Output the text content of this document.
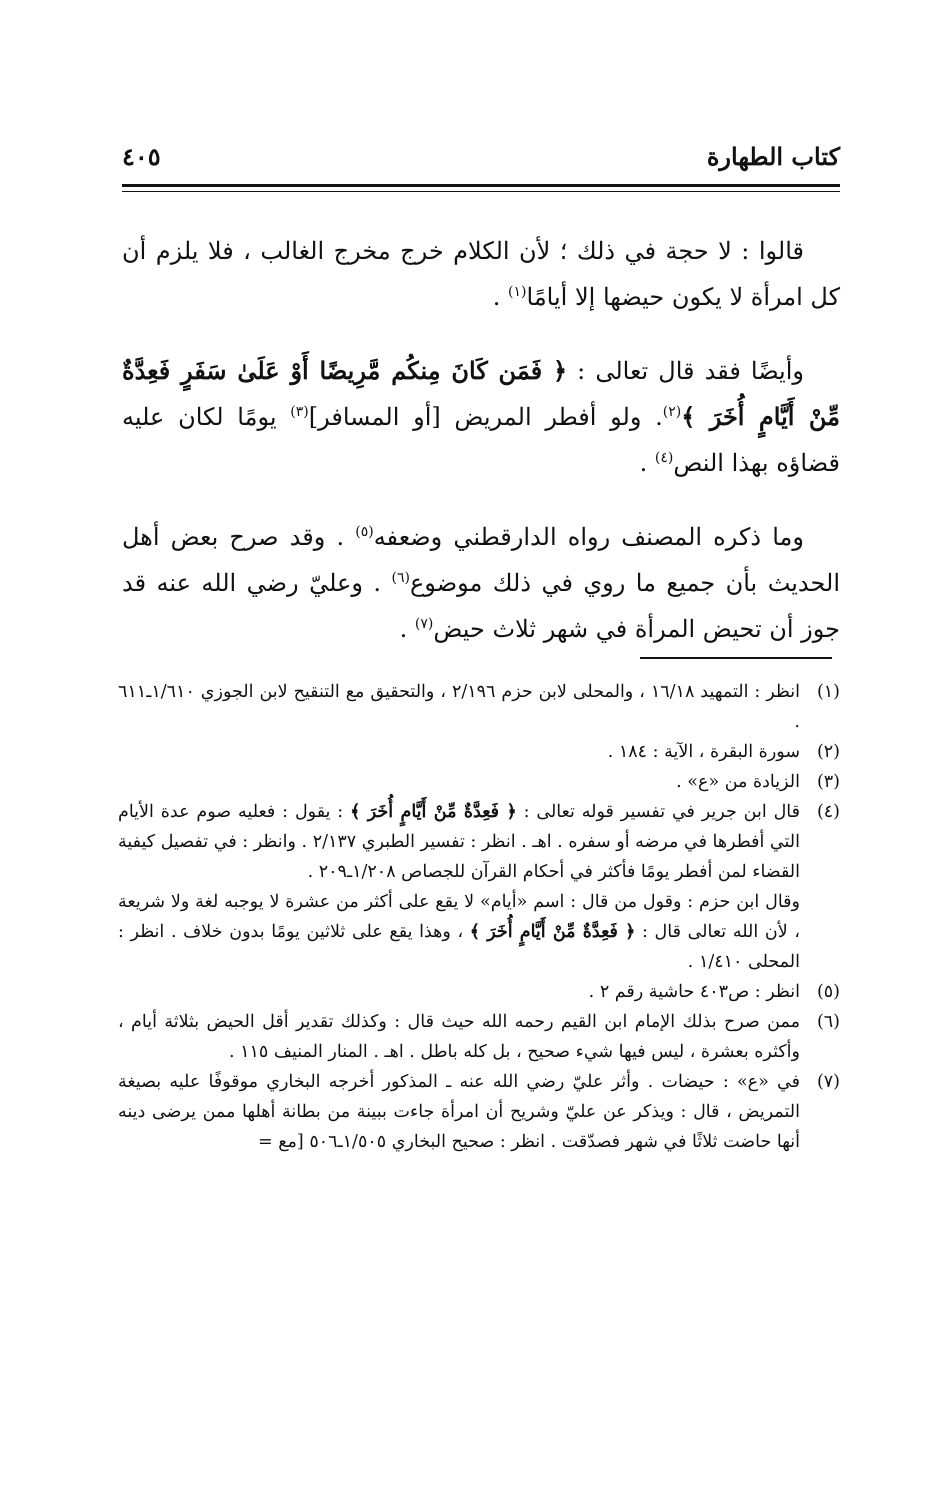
كتاب الطهارة
٤٠٥

قالوا : لا حجة في ذلك ؛ لأن الكلام خرج مخرج الغالب ، فلا يلزم أن كل امرأة لا يكون حيضها إلا أيامًا$^{(١)}$ .

وأيضًا فقد قال تعالى : ﴿ فَمَن كَانَ مِنكُم مَّرِيضًا أَوْ عَلَىٰ سَفَرٍ فَعِدَّةٌ مِّنْ أَيَّامٍ أُخَرَ ﴾$^{(٢)}$. ولو أفطر المريض [أو المسافر]$^{(٣)}$ يومًا لكان عليه قضاؤه بهذا النص$^{(٤)}$ .

وما ذكره المصنف رواه الدارقطني وضعفه$^{(٥)}$ . وقد صرح بعض أهل الحديث بأن جميع ما روي في ذلك موضوع$^{(٦)}$ . وعليّ رضي الله عنه قد جوز أن تحيض المرأة في شهر ثلاث حيض$^{(٧)}$ .

(١)
انظر : التمهيد ١٦/١٨ ، والمحلى لابن حزم ٢/١٩٦ ، والتحقيق مع التنقيح لابن الجوزي ١/٦١٠ـ٦١١ .
(٢)
سورة البقرة ، الآية : ١٨٤ .
(٣)
الزيادة من «ع» .
(٤)
قال ابن جرير في تفسير قوله تعالى : ﴿ فَعِدَّةٌ مِّنْ أَيَّامٍ أُخَرَ ﴾ : يقول : فعليه صوم عدة الأيام التي أفطرها في مرضه أو سفره . اهـ . انظر : تفسير الطبري ٢/١٣٧ . وانظر : في تفصيل كيفية القضاء لمن أفطر يومًا فأكثر في أحكام القرآن للجصاص ١/٢٠٨ـ٢٠٩ .

وقال ابن حزم : وقول من قال : اسم «أيام» لا يقع على أكثر من عشرة لا يوجبه لغة ولا شريعة ، لأن الله تعالى قال : ﴿ فَعِدَّةٌ مِّنْ أَيَّامٍ أُخَرَ ﴾ ، وهذا يقع على ثلاثين يومًا بدون خلاف . انظر : المحلى ١/٤١٠ .

(٥)
انظر : ص٤٠٣ حاشية رقم ٢ .
(٦)
ممن صرح بذلك الإمام ابن القيم رحمه الله حيث قال : وكذلك تقدير أقل الحيض بثلاثة أيام ، وأكثره بعشرة ، ليس فيها شيء صحيح ، بل كله باطل . اهـ . المنار المنيف ١١٥ .
(٧)
في «ع» : حيضات . وأثر عليّ رضي الله عنه ـ المذكور أخرجه البخاري موقوفًا عليه بصيغة التمريض ، قال : ويذكر عن عليّ وشريح أن امرأة جاءت ببينة من بطانة أهلها ممن يرضى دينه أنها حاضت ثلاثًا في شهر فصدّقت . انظر : صحيح البخاري ١/٥٠٥ـ٥٠٦ [مع =
